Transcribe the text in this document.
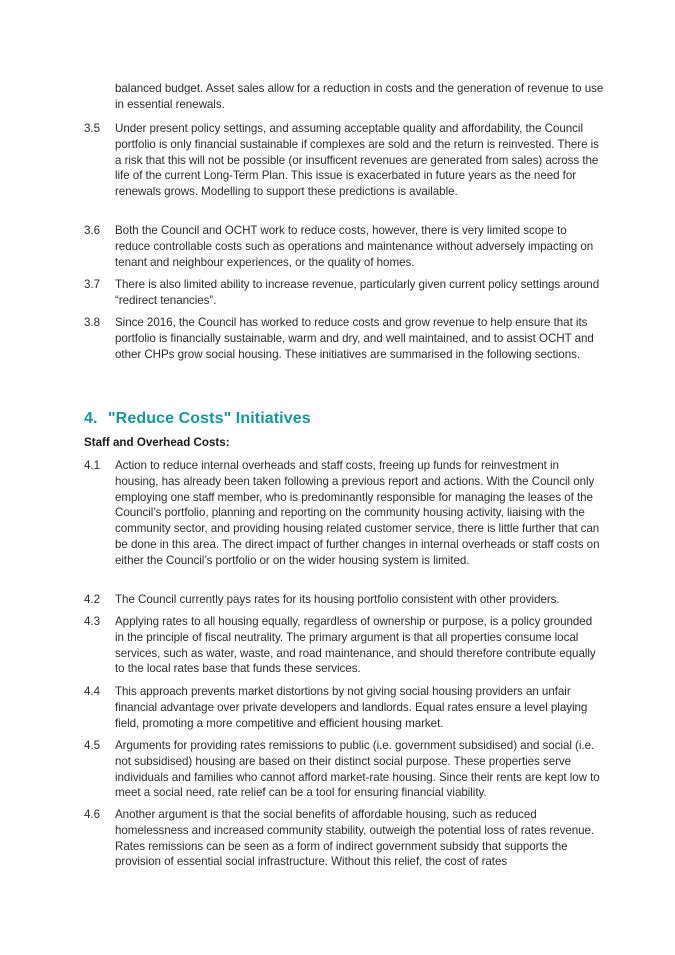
balanced budget. Asset sales allow for a reduction in costs and the generation of revenue to use in essential renewals.
3.5	Under present policy settings, and assuming acceptable quality and affordability, the Council portfolio is only financial sustainable if complexes are sold and the return is reinvested. There is a risk that this will not be possible (or insufficent revenues are generated from sales) across the life of the current Long-Term Plan. This issue is exacerbated in future years as the need for renewals grows. Modelling to support these predictions is available.
3.6	Both the Council and OCHT work to reduce costs, however, there is very limited scope to reduce controllable costs such as operations and maintenance without adversely impacting on tenant and neighbour experiences, or the quality of homes.
3.7	There is also limited ability to increase revenue, particularly given current policy settings around “redirect tenancies”.
3.8	Since 2016, the Council has worked to reduce costs and grow revenue to help ensure that its portfolio is financially sustainable, warm and dry, and well maintained, and to assist OCHT and other CHPs grow social housing. These initiatives are summarised in the following sections.
4. "Reduce Costs" Initiatives
Staff and Overhead Costs:
4.1	Action to reduce internal overheads and staff costs, freeing up funds for reinvestment in housing, has already been taken following a previous report and actions. With the Council only employing one staff member, who is predominantly responsible for managing the leases of the Council’s portfolio, planning and reporting on the community housing activity, liaising with the community sector, and providing housing related customer service, there is little further that can be done in this area. The direct impact of further changes in internal overheads or staff costs on either the Council’s portfolio or on the wider housing system is limited.
4.2	The Council currently pays rates for its housing portfolio consistent with other providers.
4.3	Applying rates to all housing equally, regardless of ownership or purpose, is a policy grounded in the principle of fiscal neutrality. The primary argument is that all properties consume local services, such as water, waste, and road maintenance, and should therefore contribute equally to the local rates base that funds these services.
4.4	This approach prevents market distortions by not giving social housing providers an unfair financial advantage over private developers and landlords. Equal rates ensure a level playing field, promoting a more competitive and efficient housing market.
4.5	Arguments for providing rates remissions to public (i.e. government subsidised) and social (i.e. not subsidised) housing are based on their distinct social purpose. These properties serve individuals and families who cannot afford market-rate housing. Since their rents are kept low to meet a social need, rate relief can be a tool for ensuring financial viability.
4.6	Another argument is that the social benefits of affordable housing, such as reduced homelessness and increased community stability, outweigh the potential loss of rates revenue. Rates remissions can be seen as a form of indirect government subsidy that supports the provision of essential social infrastructure. Without this relief, the cost of rates
